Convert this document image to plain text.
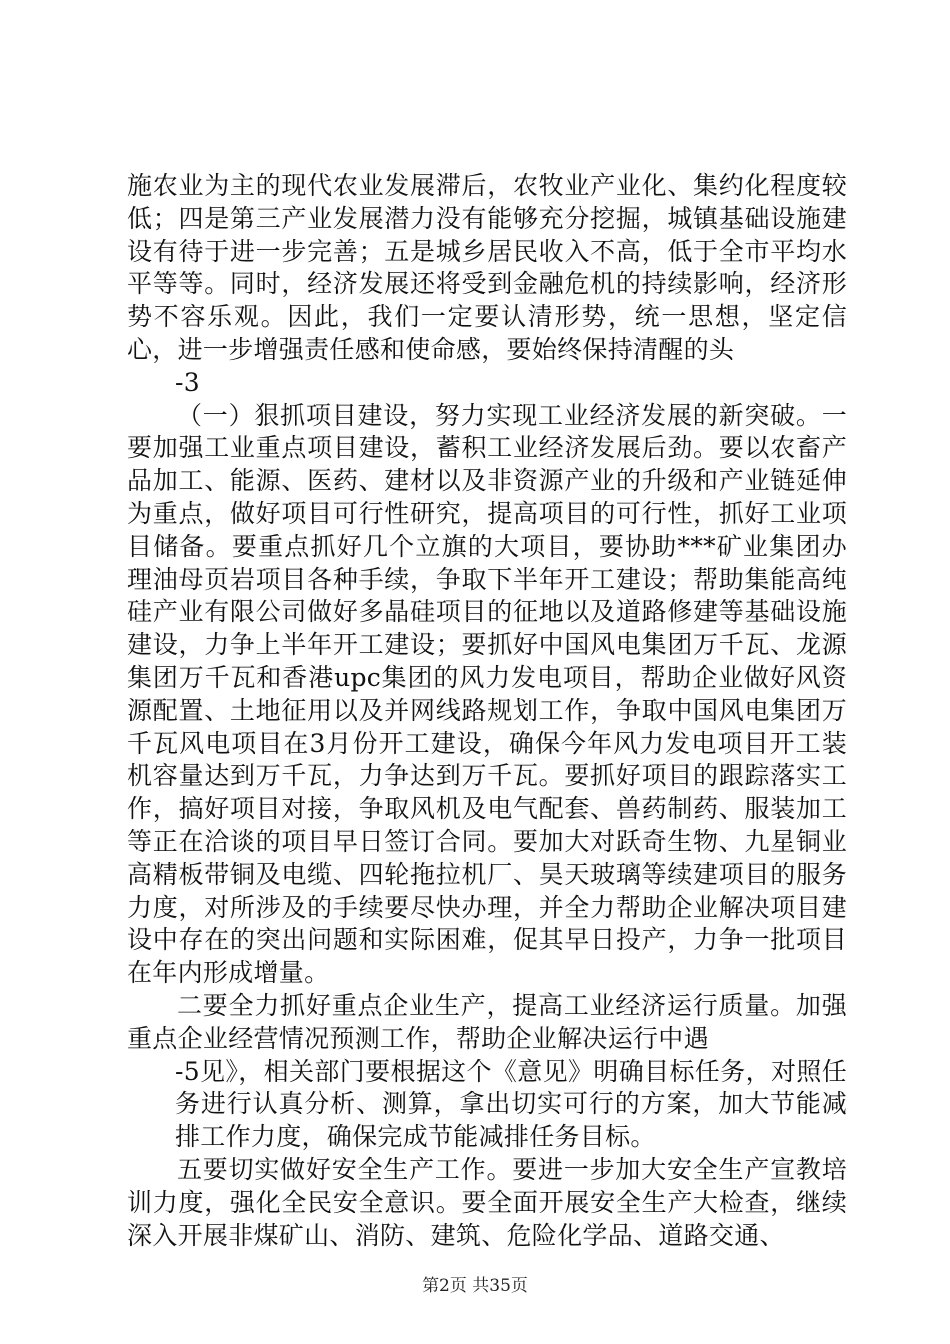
施农业为主的现代农业发展滞后，农牧业产业化、集约化程度较低；四是第三产业发展潜力没有能够充分挖掘，城镇基础设施建设有待于进一步完善；五是城乡居民收入不高，低于全市平均水平等等。同时，经济发展还将受到金融危机的持续影响，经济形势不容乐观。因此，我们一定要认清形势，统一思想，坚定信心，进一步增强责任感和使命感，要始终保持清醒的头

-3

（一）狠抓项目建设，努力实现工业经济发展的新突破。一要加强工业重点项目建设，蓄积工业经济发展后劲。要以农畜产品加工、能源、医药、建材以及非资源产业的升级和产业链延伸为重点，做好项目可行性研究，提高项目的可行性，抓好工业项目储备。要重点抓好几个立旗的大项目，要协助***矿业集团办理油母页岩项目各种手续，争取下半年开工建设；帮助集能高纯硅产业有限公司做好多晶硅项目的征地以及道路修建等基础设施建设，力争上半年开工建设；要抓好中国风电集团万千瓦、龙源集团万千瓦和香港upc集团的风力发电项目，帮助企业做好风资源配置、土地征用以及并网线路规划工作，争取中国风电集团万千瓦风电项目在3月份开工建设，确保今年风力发电项目开工装机容量达到万千瓦，力争达到万千瓦。要抓好项目的跟踪落实工作，搞好项目对接，争取风机及电气配套、兽药制药、服装加工等正在洽谈的项目早日签订合同。要加大对跃奇生物、九星铜业高精板带铜及电缆、四轮拖拉机厂、昊天玻璃等续建项目的服务力度，对所涉及的手续要尽快办理，并全力帮助企业解决项目建设中存在的突出问题和实际困难，促其早日投产，力争一批项目在年内形成增量。

二要全力抓好重点企业生产，提高工业经济运行质量。加强重点企业经营情况预测工作，帮助企业解决运行中遇

-5见》，相关部门要根据这个《意见》明确目标任务，对照任务进行认真分析、测算，拿出切实可行的方案，加大节能减排工作力度，确保完成节能减排任务目标。

五要切实做好安全生产工作。要进一步加大安全生产宣教培训力度，强化全民安全意识。要全面开展安全生产大检查，继续深入开展非煤矿山、消防、建筑、危险化学品、道路交通、

第2页 共35页
